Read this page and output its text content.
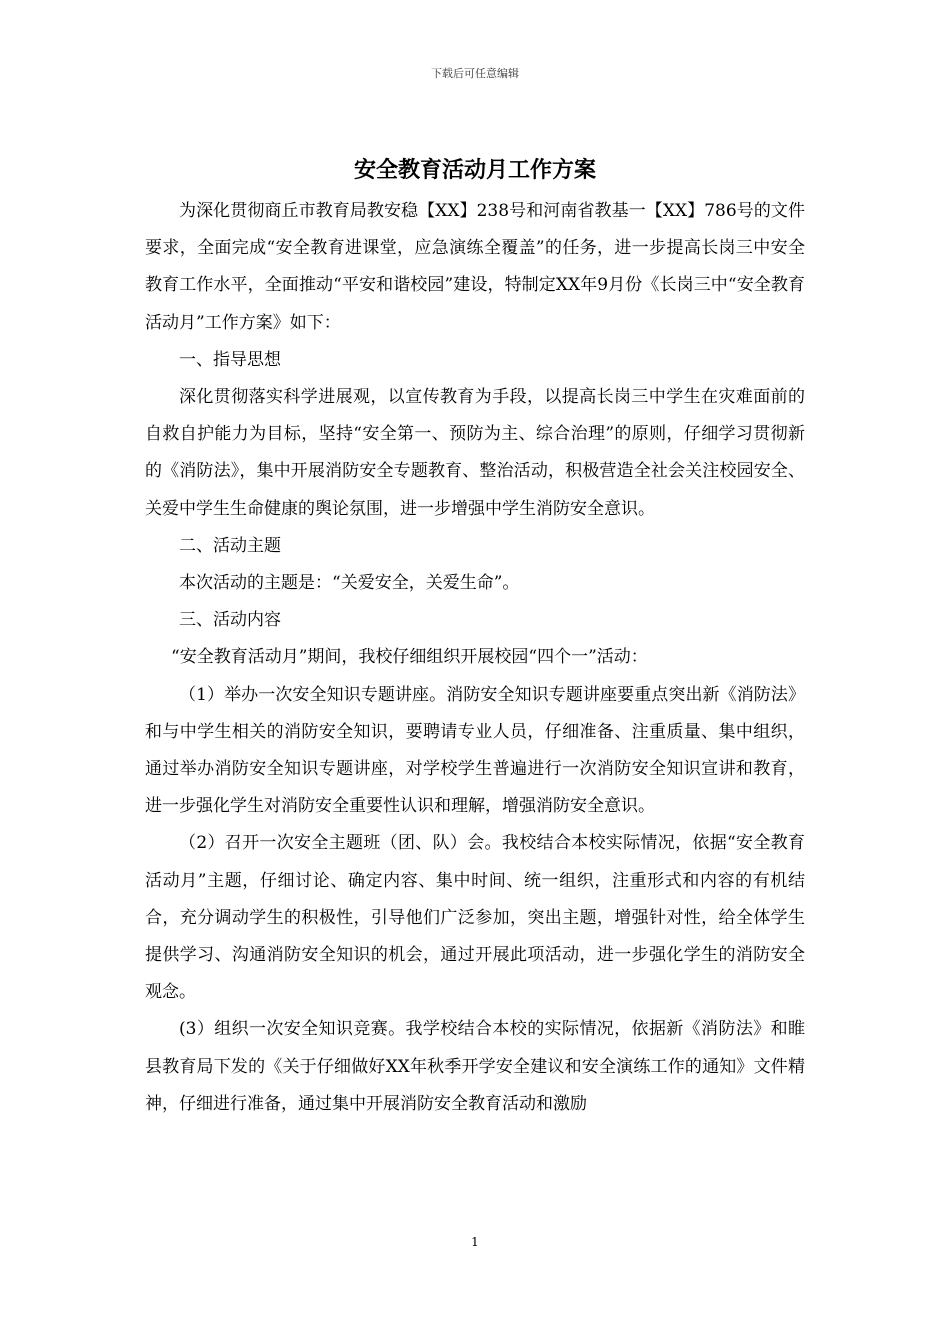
下载后可任意编辑
安全教育活动月工作方案

为深化贯彻商丘市教育局教安稳【XX】238号和河南省教基一【XX】786号的文件要求，全面完成“安全教育进课堂，应急演练全覆盖”的任务，进一步提高长岗三中安全教育工作水平，全面推动“平安和谐校园”建设，特制定XX年9月份《长岗三中“安全教育活动月”工作方案》如下：

一、指导思想

深化贯彻落实科学进展观，以宣传教育为手段，以提高长岗三中学生在灾难面前的自救自护能力为目标，坚持“安全第一、预防为主、综合治理”的原则，仔细学习贯彻新的《消防法》，集中开展消防安全专题教育、整治活动，积极营造全社会关注校园安全、关爱中学生生命健康的舆论氛围，进一步增强中学生消防安全意识。

二、活动主题

本次活动的主题是：“关爱安全，关爱生命”。

三、活动内容

“安全教育活动月”期间，我校仔细组织开展校园“四个一”活动：

（1）举办一次安全知识专题讲座。消防安全知识专题讲座要重点突出新《消防法》和与中学生相关的消防安全知识，要聘请专业人员，仔细准备、注重质量、集中组织，通过举办消防安全知识专题讲座，对学校学生普遍进行一次消防安全知识宣讲和教育，进一步强化学生对消防安全重要性认识和理解，增强消防安全意识。

（2）召开一次安全主题班（团、队）会。我校结合本校实际情况，依据“安全教育活动月”主题，仔细讨论、确定内容、集中时间、统一组织，注重形式和内容的有机结合，充分调动学生的积极性，引导他们广泛参加，突出主题，增强针对性，给全体学生提供学习、沟通消防安全知识的机会，通过开展此项活动，进一步强化学生的消防安全观念。

(3）组织一次安全知识竞赛。我学校结合本校的实际情况，依据新《消防法》和睢县教育局下发的《关于仔细做好XX年秋季开学安全建议和安全演练工作的通知》文件精神，仔细进行准备，通过集中开展消防安全教育活动和激励

1
